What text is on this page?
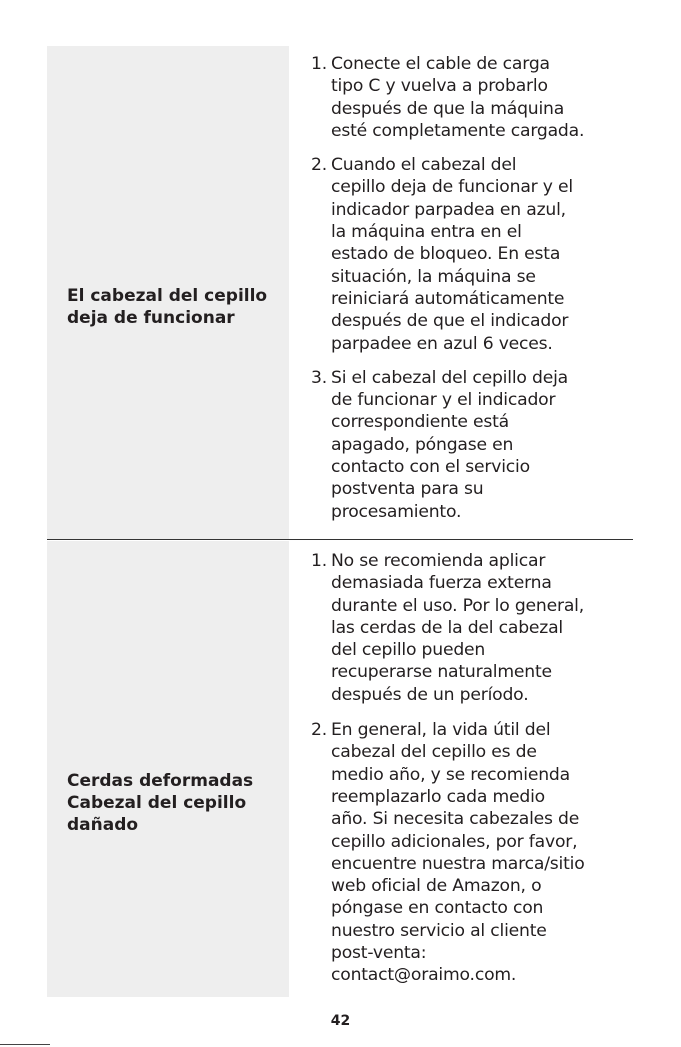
El cabezal del cepillo
deja de funcionar
1. Conecte el cable de carga
tipo C y vuelva a probarlo
después de que la máquina
esté completamente cargada.
2. Cuando el cabezal del
cepillo deja de funcionar y el
indicador parpadea en azul,
la máquina entra en el
estado de bloqueo. En esta
situación, la máquina se
reiniciará automáticamente
después de que el indicador
parpadee en azul 6 veces.
3. Si el cabezal del cepillo deja
de funcionar y el indicador
correspondiente está
apagado, póngase en
contacto con el servicio
postventa para su
procesamiento.
Cerdas deformadas
Cabezal del cepillo
dañado
1. No se recomienda aplicar
demasiada fuerza externa
durante el uso. Por lo general,
las cerdas de la del cabezal
del cepillo pueden
recuperarse naturalmente
después de un período.
2. En general, la vida útil del
cabezal del cepillo es de
medio año, y se recomienda
reemplazarlo cada medio
año. Si necesita cabezales de
cepillo adicionales, por favor,
encuentre nuestra marca/sitio
web oficial de Amazon, o
póngase en contacto con
nuestro servicio al cliente
post-venta:
contact@oraimo.com.
42
